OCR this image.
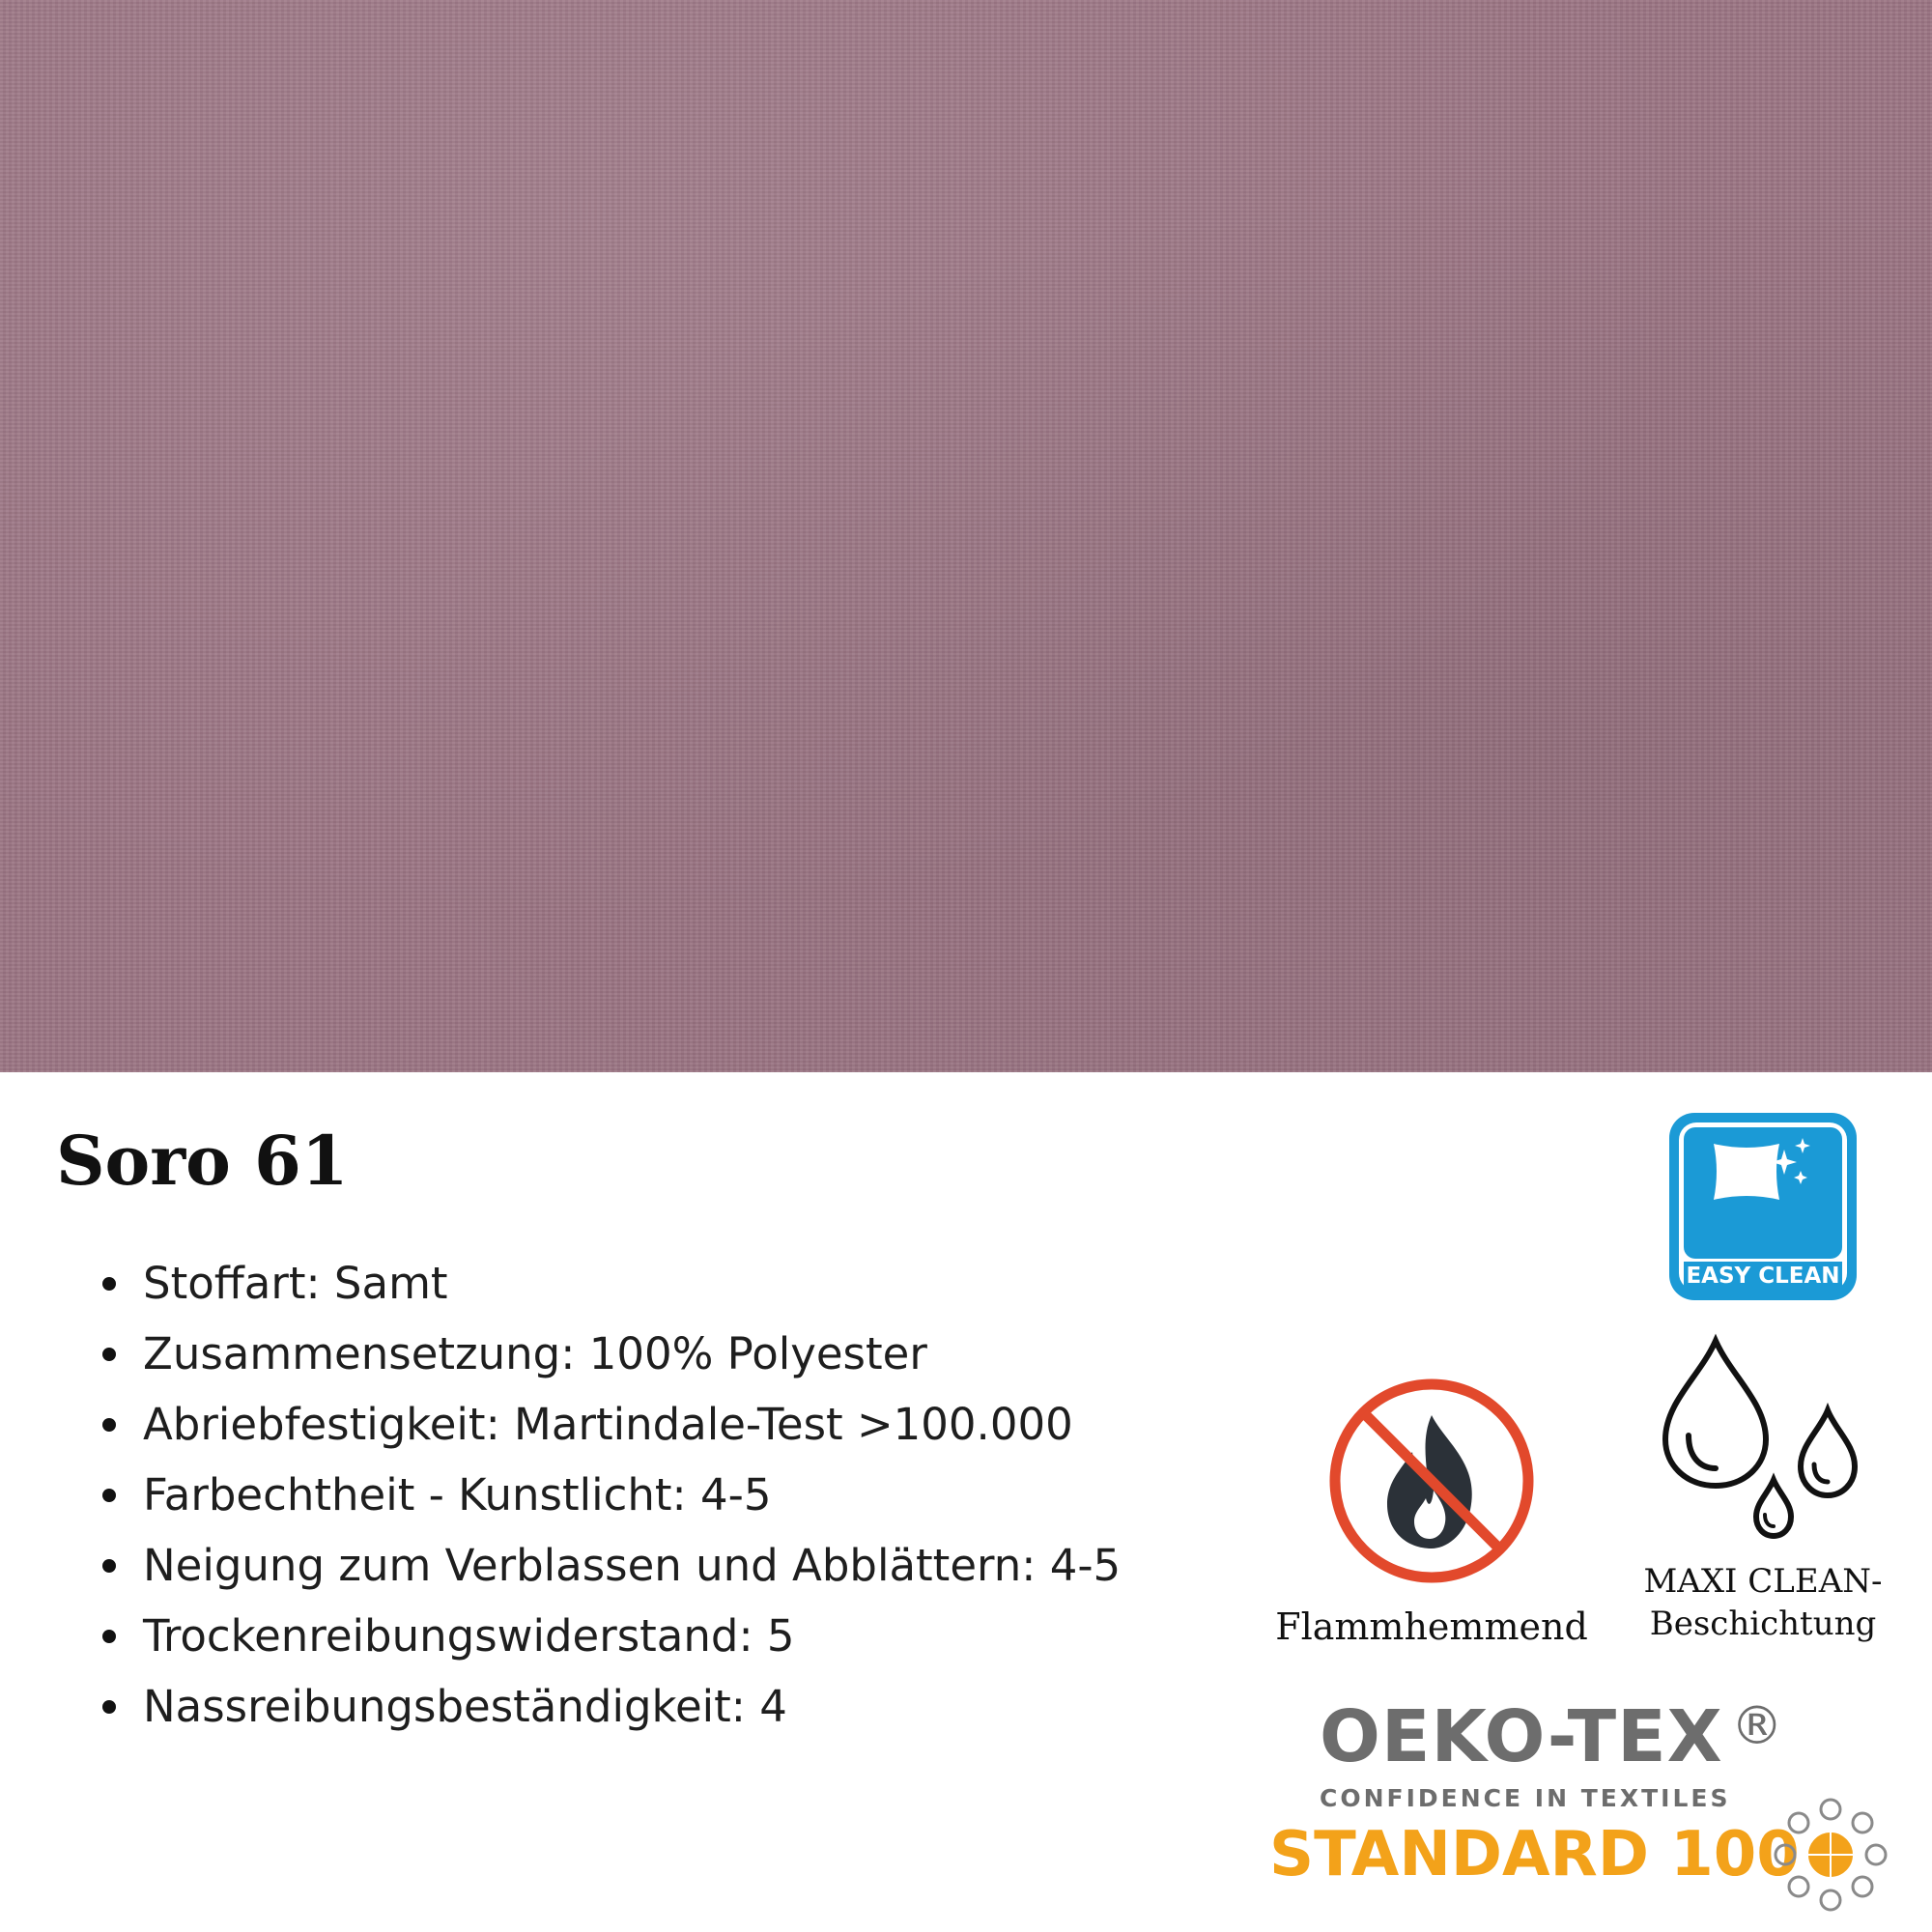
Soro 61
Stoffart: Samt
Zusammensetzung: 100% Polyester
Abriebfestigkeit: Martindale-Test >100.000
Farbechtheit - Kunstlicht: 4-5
Neigung zum Verblassen und Abblättern: 4-5
Trockenreibungswiderstand: 5
Nassreibungsbeständigkeit: 4
EASY CLEAN
Flammhemmend
MAXI CLEAN-
Beschichtung
OEKO-TEX ®
CONFIDENCE IN TEXTILES
STANDARD 100
